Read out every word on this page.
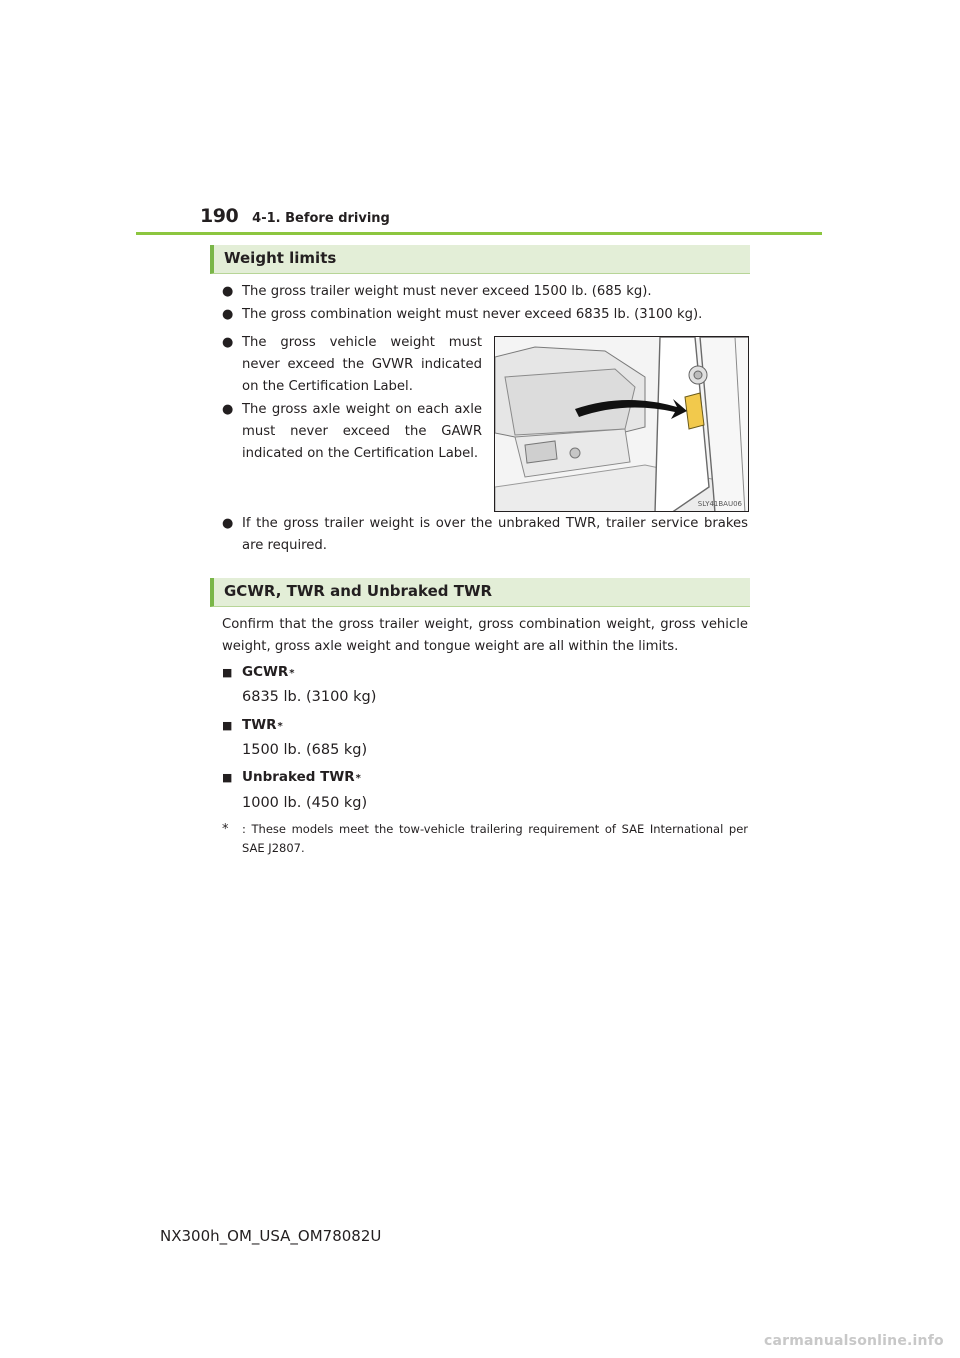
190 4-1. Before driving
Weight limits
● The gross trailer weight must never exceed 1500 lb. (685 kg).
● The gross combination weight must never exceed 6835 lb. (3100 kg).
● The gross vehicle weight must never exceed the GVWR indicated on the Certification Label.
● The gross axle weight on each axle must never exceed the GAWR indicated on the Certification Label.
SLY41BAU06
● If the gross trailer weight is over the unbraked TWR, trailer service brakes are required.
GCWR, TWR and Unbraked TWR
Confirm that the gross trailer weight, gross combination weight, gross vehicle weight, gross axle weight and tongue weight are all within the limits.
■ GCWR *
6835 lb. (3100 kg)
■ TWR *
1500 lb. (685 kg)
■ Unbraked TWR *
1000 lb. (450 kg)
*	: These models meet the tow-vehicle trailering requirement of SAE International per SAE J2807.
NX300h_OM_USA_OM78082U
carmanualsonline.info
